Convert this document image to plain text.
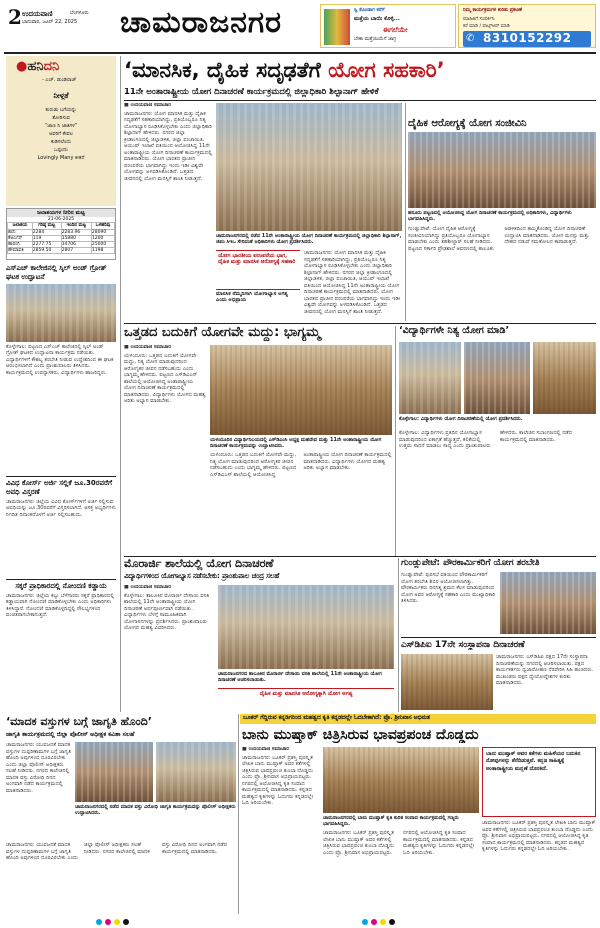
2 ಉದಯವಾಣಿ	ಬೆಂಗಳೂರು
ಭಾನುವಾರ, ಜೂನ್ 22, 2025 ಚಾಮರಾಜನಗರ	ಸ್ವಿ ಕೊಂಡಾಗ ಕರೆಗೆ
ಮತ್ತೆಯ ಬಾಯಿ ಕೊಳ್ಳಿ...
ಈಗಲೆಯೇ
ಬೇಕಾ ಮತ್ತೆಯಿಯೆಗೆ ಜಾಗ್ರ
ನಿಮ್ಮ ಕಾರ್ಯಕ್ರಮಗಳ ಕುರಿತು ಪ್ರಕಟಣೆ
ಮಾಹಿತಿಗೆ ಸಂಪರ್ಕಿಸಿ
ಕರೆ ಮಾಡಿ / ವಾಟ್ಸ್ಆಪ್ ಮಾಡಿ
✆ 8310152292
●ಹನಿದನಿ
- ಎಚ್. ಡುಂಡಿರಾಜ್
ನೀಳ್ಗತೆ
ಕುರುಡು ಬಗೆಯನ್ನು
ತೋರಿಸುವ
“ಜಾಣ ನಿ ಜಾತಿಗಳ”
ಅವರಿಗೆ ಕೇವಲ
ಕುಡಿಸಲೆಂದು
ಒಪ್ಪಂದು
Lovingly Many ಕೀತನೆ
ಜಲಾಶಯಗಳ ನೀರಿನ ಮಟ್ಟ
21-06-2025
ಜಲಾಶಯ	ಗರಿಷ್ಠ ಮಟ್ಟ	ಇಂದಿನ ಮಟ್ಟ	ಒಳಹರಿವು
ಕಬಿನಿ	2284	2283.96	28090
ಕೆಆರ್ಎಸ್	119	15880	1200
ಹಾರಂಗಿ	2277.75	14706	25000
ಹೇಮಾವತಿ	2859.50	2807	1198
ಎಸ್‌ಎಚ್ ಕಾಲೇಜಿನಲ್ಲಿ ಸ್ಕಿಲ್ ಅಂಡ್ ಗ್ರೋತ್ ಘಟಕ ಉದ್ಘಾಟನೆ
ಕೊಳ್ಳೇಗಾಲ: ಪಟ್ಟಣದ ಎಸ್‌ಎಚ್ ಕಾಲೇಜಿನಲ್ಲಿ ಸ್ಕಿಲ್ ಅಂಡ್ ಗ್ರೋತ್ ಘಟಕದ ಉದ್ಘಾಟನಾ ಕಾರ್ಯಕ್ರಮ ನಡೆಯಿತು. ವಿದ್ಯಾರ್ಥಿಗಳಿಗೆ ಕೌಶಲ್ಯ ತರಬೇತಿ ನೀಡುವ ಉದ್ದೇಶದಿಂದ ಈ ಘಟಕ ಆರಂಭಿಸಲಾಗಿದೆ ಎಂದು ಪ್ರಾಂಶುಪಾಲರು ತಿಳಿಸಿದರು. ಕಾರ್ಯಕ್ರಮದಲ್ಲಿ ಉಪನ್ಯಾಸಕರು, ವಿದ್ಯಾರ್ಥಿಗಳು ಹಾಜರಿದ್ದರು.
ವಿವಿಧ ಕೋರ್ಸ್ ಅರ್ಜಿ ಸಲ್ಲಿಕೆ ಜೂ.30ರವರೆಗೆ ಅವಧಿ ವಿಸ್ತರಣೆ
ಚಾಮರಾಜನಗರ: ಜಿಲ್ಲೆಯ ವಿವಿಧ ಕೋರ್ಸ್‌ಗಳಿಗೆ ಅರ್ಜಿ ಸಲ್ಲಿಸುವ ಅವಧಿಯನ್ನು ಜೂ.30ರವರೆಗೆ ವಿಸ್ತರಿಸಲಾಗಿದೆ. ಆಸಕ್ತ ಅಭ್ಯರ್ಥಿಗಳು ನಿಗದಿತ ದಿನಾಂಕದೊಳಗೆ ಅರ್ಜಿ ಸಲ್ಲಿಸಬಹುದು.
ಸಕ್ಕರೆ ಪ್ರಾಧಿಕಾರದಲ್ಲಿ ನೋಂದಣಿ ಕಡ್ಡಾಯ
ಚಾಮರಾಜನಗರ: ಜಿಲ್ಲೆಯ ಕಬ್ಬು ಬೆಳೆಗಾರರು ಸಕ್ಕರೆ ಪ್ರಾಧಿಕಾರದಲ್ಲಿ ಕಡ್ಡಾಯವಾಗಿ ನೋಂದಣಿ ಮಾಡಿಕೊಳ್ಳಬೇಕು ಎಂದು ಅಧಿಕಾರಿಗಳು ತಿಳಿಸಿದ್ದಾರೆ. ನೋಂದಣಿ ಮಾಡಿಕೊಳ್ಳದಿದ್ದಲ್ಲಿ ಸೌಲಭ್ಯಗಳಿಂದ ವಂಚಿತರಾಗಬೇಕಾಗುತ್ತದೆ.
‘ಮಾನಸಿಕ, ದೈಹಿಕ ಸದೃಢತೆಗೆ ಯೋಗ ಸಹಕಾರಿ’
11ನೇ ಅಂತಾರಾಷ್ಟ್ರೀಯ ಯೋಗ ದಿನಾಚರಣೆ ಕಾರ್ಯಕ್ರಮದಲ್ಲಿ ಜಿಲ್ಲಾಧಿಕಾರಿ ಶಿಲ್ಪಾನಾಗ್ ಹೇಳಿಕೆ
■ ಉದಯವಾಣಿ ಸಮಾಚಾರ
ಚಾಮರಾಜನಗರ: ಯೋಗ ಮಾನಸಿಕ ಮತ್ತು ದೈಹಿಕ ಸದೃಢತೆಗೆ ಸಹಕಾರಿಯಾಗಿದ್ದು, ಪ್ರತಿಯೊಬ್ಬರೂ ನಿತ್ಯ ಯೋಗಾಭ್ಯಾಸ ರೂಢಿಸಿಕೊಳ್ಳಬೇಕು ಎಂದು ಜಿಲ್ಲಾಧಿಕಾರಿ ಶಿಲ್ಪಾನಾಗ್ ಹೇಳಿದರು. ನಗರದ ಜಿಲ್ಲಾ ಕ್ರೀಡಾಂಗಣದಲ್ಲಿ ಜಿಲ್ಲಾಡಳಿತ, ಜಿಲ್ಲಾ ಪಂಚಾಯಿತಿ, ಆಯುಷ್ ಇಲಾಖೆ ವತಿಯಿಂದ ಆಯೋಜಿಸಿದ್ದ 11ನೇ ಅಂತಾರಾಷ್ಟ್ರೀಯ ಯೋಗ ದಿನಾಚರಣೆ ಕಾರ್ಯಕ್ರಮದಲ್ಲಿ ಮಾತನಾಡಿದರು. ಯೋಗ ಭಾರತದ ಪ್ರಾಚೀನ ಪರಂಪರೆಯ ಭಾಗವಾಗಿದ್ದು ಇಂದು ಇಡೀ ವಿಶ್ವವೇ ಯೋಗವನ್ನು ಅಳವಡಿಸಿಕೊಂಡಿದೆ. ಒತ್ತಡದ ಜೀವನದಲ್ಲಿ ಯೋಗ ಮನಸ್ಸಿಗೆ ಶಾಂತಿ ನೀಡುತ್ತದೆ.
ಚಾಮರಾಜನಗರದಲ್ಲಿ ನಡೆದ 11ನೇ ಅಂತಾರಾಷ್ಟ್ರೀಯ ಯೋಗ ದಿನಾಚರಣೆ ಕಾರ್ಯಕ್ರಮದಲ್ಲಿ ಜಿಲ್ಲಾಧಿಕಾರಿ ಶಿಲ್ಪಾನಾಗ್, ಜಿಪಂ ಸಿಇಒ ಸೇರಿದಂತೆ ಅಧಿಕಾರಿಗಳು ಯೋಗ ಪ್ರದರ್ಶಿಸಿದರು.
ಯೋಗ ಭಾರತೀಯ ಪರಂಪರೆಯ ಭಾಗ, ದೈಹಿಕ ಮತ್ತು ಮಾನಸಿಕ ಆರೋಗ್ಯಕ್ಕೆ ಸಹಕಾರಿ
ಮಾನಸಿಕ ನೆಮ್ಮದಿಗಾಗಿ ಯೋಗಾಭ್ಯಾಸ ಅಗತ್ಯ ಎಂದು ಅಭಿಪ್ರಾಯ
ಚಾಮರಾಜನಗರ: ಯೋಗ ಮಾನಸಿಕ ಮತ್ತು ದೈಹಿಕ ಸದೃಢತೆಗೆ ಸಹಕಾರಿಯಾಗಿದ್ದು, ಪ್ರತಿಯೊಬ್ಬರೂ ನಿತ್ಯ ಯೋಗಾಭ್ಯಾಸ ರೂಢಿಸಿಕೊಳ್ಳಬೇಕು ಎಂದು ಜಿಲ್ಲಾಧಿಕಾರಿ ಶಿಲ್ಪಾನಾಗ್ ಹೇಳಿದರು. ನಗರದ ಜಿಲ್ಲಾ ಕ್ರೀಡಾಂಗಣದಲ್ಲಿ ಜಿಲ್ಲಾಡಳಿತ, ಜಿಲ್ಲಾ ಪಂಚಾಯಿತಿ, ಆಯುಷ್ ಇಲಾಖೆ ವತಿಯಿಂದ ಆಯೋಜಿಸಿದ್ದ 11ನೇ ಅಂತಾರಾಷ್ಟ್ರೀಯ ಯೋಗ ದಿನಾಚರಣೆ ಕಾರ್ಯಕ್ರಮದಲ್ಲಿ ಮಾತನಾಡಿದರು. ಯೋಗ ಭಾರತದ ಪ್ರಾಚೀನ ಪರಂಪರೆಯ ಭಾಗವಾಗಿದ್ದು ಇಂದು ಇಡೀ ವಿಶ್ವವೇ ಯೋಗವನ್ನು ಅಳವಡಿಸಿಕೊಂಡಿದೆ. ಒತ್ತಡದ ಜೀವನದಲ್ಲಿ ಯೋಗ ಮನಸ್ಸಿಗೆ ಶಾಂತಿ ನೀಡುತ್ತದೆ.
ದೈಹಿಕ ಆರೋಗ್ಯಕ್ಕೆ ಯೋಗ ಸಂಜೀವಿನಿ
ಹನೂರು ಪಟ್ಟಣದಲ್ಲಿ ಆಯೋಜಿಸಿದ್ದ ಯೋಗ ದಿನಾಚರಣೆ ಕಾರ್ಯಕ್ರಮದಲ್ಲಿ ಅಧಿಕಾರಿಗಳು, ವಿದ್ಯಾರ್ಥಿಗಳು ಭಾಗವಹಿಸಿದ್ದರು.
ಗುಂಡ್ಲುಪೇಟೆ: ಯೋಗ ದೈಹಿಕ ಆರೋಗ್ಯಕ್ಕೆ ಸಂಜೀವಿನಿಯಾಗಿದ್ದು ಪ್ರತಿಯೊಬ್ಬರೂ ಯೋಗಾಭ್ಯಾಸ ಮಾಡಬೇಕು ಎಂದು ತಹಶೀಲ್ದಾರ್ ಸಲಹೆ ನೀಡಿದರು. ಪಟ್ಟಣದ ಸರ್ಕಾರಿ ಪ್ರೌಢಶಾಲೆ ಆವರಣದಲ್ಲಿ ತಾಲೂಕು ಆಡಳಿತದಿಂದ ಹಮ್ಮಿಕೊಂಡಿದ್ದ ಯೋಗ ದಿನಾಚರಣೆ ಉದ್ಘಾಟಿಸಿ ಮಾತನಾಡಿದರು. ಯೋಗ ಮನಸ್ಸು ಮತ್ತು ದೇಹದ ನಡುವೆ ಸಮತೋಲನ ಕಾಪಾಡುತ್ತದೆ.
ಒತ್ತಡದ ಬದುಕಿಗೆ ಯೋಗವೇ ಮದ್ದು: ಭಾಗ್ಯಮ್ಮ
■ ಉದಯವಾಣಿ ಸಮಾಚಾರ
ಯಳಂದೂರು: ಒತ್ತಡದ ಬದುಕಿಗೆ ಯೋಗವೇ ಮದ್ದು, ನಿತ್ಯ ಯೋಗ ಮಾಡುವುದರಿಂದ ಆರೋಗ್ಯಕರ ಜೀವನ ನಡೆಸಬಹುದು ಎಂದು ಭಾಗ್ಯಮ್ಮ ಹೇಳಿದರು. ಪಟ್ಟಣದ ಎಸ್‌ಡಿವಿಎಸ್ ಶಾಲೆಯಲ್ಲಿ ಆಯೋಜಿಸಿದ್ದ ಅಂತಾರಾಷ್ಟ್ರೀಯ ಯೋಗ ದಿನಾಚರಣೆ ಕಾರ್ಯಕ್ರಮದಲ್ಲಿ ಮಾತನಾಡಿದರು. ವಿದ್ಯಾರ್ಥಿಗಳು ಯೋಗದ ಮಹತ್ವ ಅರಿತು ಅಭ್ಯಾಸ ಮಾಡಬೇಕು.
ಯಳಂದೂರಿನ ವಿದ್ಯಾರ್ಥಿನಿಲಯದಲ್ಲಿ ಎಸ್‌ಡಿಎಂಸಿ ಅಧ್ಯಕ್ಷ ಮಹದೇವ ಮತ್ತು 11ನೇ ಅಂತಾರಾಷ್ಟ್ರೀಯ ಯೋಗ ದಿನಾಚರಣೆ ಕಾರ್ಯಕ್ರಮವನ್ನು ಉದ್ಘಾಟಿಸಿದರು.
ಯಳಂದೂರು: ಒತ್ತಡದ ಬದುಕಿಗೆ ಯೋಗವೇ ಮದ್ದು, ನಿತ್ಯ ಯೋಗ ಮಾಡುವುದರಿಂದ ಆರೋಗ್ಯಕರ ಜೀವನ ನಡೆಸಬಹುದು ಎಂದು ಭಾಗ್ಯಮ್ಮ ಹೇಳಿದರು. ಪಟ್ಟಣದ ಎಸ್‌ಡಿವಿಎಸ್ ಶಾಲೆಯಲ್ಲಿ ಆಯೋಜಿಸಿದ್ದ ಅಂತಾರಾಷ್ಟ್ರೀಯ ಯೋಗ ದಿನಾಚರಣೆ ಕಾರ್ಯಕ್ರಮದಲ್ಲಿ ಮಾತನಾಡಿದರು. ವಿದ್ಯಾರ್ಥಿಗಳು ಯೋಗದ ಮಹತ್ವ ಅರಿತು ಅಭ್ಯಾಸ ಮಾಡಬೇಕು.
‘ವಿದ್ಯಾರ್ಥಿಗಳೇ ನಿತ್ಯ ಯೋಗ ಮಾಡಿ’
ಕೊಳ್ಳೇಗಾಲ: ವಿದ್ಯಾರ್ಥಿಗಳು ಯೋಗ ದಿನಾಚರಣೆಯಲ್ಲಿ ಯೋಗ ಪ್ರದರ್ಶಿಸಿದರು.
ಕೊಳ್ಳೇಗಾಲ: ವಿದ್ಯಾರ್ಥಿಗಳು ಪ್ರತಿದಿನ ಯೋಗಾಭ್ಯಾಸ ಮಾಡುವುದರಿಂದ ಏಕಾಗ್ರತೆ ಹೆಚ್ಚುತ್ತದೆ, ಕಲಿಕೆಯಲ್ಲಿ ಉತ್ತಮ ಸಾಧನೆ ಮಾಡಲು ಸಾಧ್ಯ ಎಂದು ಪ್ರಾಂಶುಪಾಲರು ಹೇಳಿದರು. ಕಾಲೇಜಿನ ಸಭಾಂಗಣದಲ್ಲಿ ನಡೆದ ಕಾರ್ಯಕ್ರಮದಲ್ಲಿ ಮಾತನಾಡಿದರು.
ಮೊರಾರ್ಜಿ ಶಾಲೆಯಲ್ಲಿ ಯೋಗ ದಿನಾಚರಣೆ
ವಿದ್ಯಾರ್ಥಿಗಳಿಂದ ಯೋಗಾಭ್ಯಾಸ ನಡೆಸಬೇಕು: ಪ್ರಾಂಶುಪಾಲ ಚಂದ್ರ ಸಲಹೆ
■ ಉದಯವಾಣಿ ಸಮಾಚಾರ
ಕೊಳ್ಳೇಗಾಲ: ತಾಲೂಕಿನ ಮೊರಾರ್ಜಿ ದೇಸಾಯಿ ವಸತಿ ಶಾಲೆಯಲ್ಲಿ 11ನೇ ಅಂತಾರಾಷ್ಟ್ರೀಯ ಯೋಗ ದಿನಾಚರಣೆ ಅರ್ಥಪೂರ್ಣವಾಗಿ ನಡೆಯಿತು. ವಿದ್ಯಾರ್ಥಿಗಳು ಬೆಳಗ್ಗೆ ಸಾಮೂಹಿಕವಾಗಿ ಯೋಗಾಸನಗಳನ್ನು ಪ್ರದರ್ಶಿಸಿದರು. ಪ್ರಾಂಶುಪಾಲರು ಯೋಗದ ಮಹತ್ವ ವಿವರಿಸಿದರು.
ಚಾಮರಾಜನಗರದ ತಾಲೂಕಿನ ಮೊರಾರ್ಜಿ ದೇಸಾಯಿ ವಸತಿ ಶಾಲೆಯಲ್ಲಿ 11ನೇ ಅಂತಾರಾಷ್ಟ್ರೀಯ ಯೋಗ ದಿನಾಚರಣೆ ಆಚರಿಸಲಾಯಿತು.
ದೈಹಿಕ ಮತ್ತು ಮಾನಸಿಕ ಆರೋಗ್ಯಕ್ಕಾಗಿ ಯೋಗ ಅಗತ್ಯ
ಗುಂಡ್ಲುಪೇಟೆ: ಪೌರಕಾರ್ಮಿಕರಿಗೆ ಯೋಗ ತರಬೇತಿ
ಗುಂಡ್ಲುಪೇಟೆ: ಪುರಸಭೆ ವತಿಯಿಂದ ಪೌರಕಾರ್ಮಿಕರಿಗೆ ಯೋಗ ತರಬೇತಿ ಶಿಬಿರ ಆಯೋಜಿಸಲಾಗಿತ್ತು. ಪೌರಕಾರ್ಮಿಕರು ದಿನನಿತ್ಯ ಶ್ರಮದ ಕೆಲಸ ಮಾಡುವುದರಿಂದ ಯೋಗ ಅವರ ಆರೋಗ್ಯಕ್ಕೆ ಸಹಕಾರಿ ಎಂದು ಮುಖ್ಯಾಧಿಕಾರಿ ತಿಳಿಸಿದರು.
ಎಸ್‌ಡಿಪಿಐ 17ನೇ ಸಂಸ್ಥಾಪನಾ ದಿನಾಚರಣೆ
ಚಾಮರಾಜನಗರ: ಎಸ್‌ಡಿಪಿಐ ಪಕ್ಷದ 17ನೇ ಸಂಸ್ಥಾಪನಾ ದಿನಾಚರಣೆಯನ್ನು ನಗರದಲ್ಲಿ ಆಚರಿಸಲಾಯಿತು. ಪಕ್ಷದ ಕಾರ್ಯಕರ್ತರು ಧ್ವಜಾರೋಹಣ ನೆರವೇರಿಸಿ ಸಿಹಿ ಹಂಚಿದರು. ಮುಖಂಡರು ಪಕ್ಷದ ಧ್ಯೇಯೋದ್ದೇಶಗಳ ಕುರಿತು ಮಾತನಾಡಿದರು.
ಬೂಕರ್ ಗೆದ್ದಿರುವ ಕನ್ನಡಿಗರಿಂದ ಮಹತ್ವದ ಕೃತಿ ಕನ್ನಡದಲ್ಲೇ ಓದಬೇಕಾಗಿದೆ: ಪ್ರೊ. ಶ್ರೀನಿವಾಸ ಅಭಿಮತ
‘ಮಾದಕ ವಸ್ತುಗಳ ಬಗ್ಗೆ ಜಾಗೃತಿ ಹೊಂದಿ’
ಜಾಗೃತಿ ಕಾರ್ಯಕ್ರಮದಲ್ಲಿ ಜಿಲ್ಲಾ ಪೊಲೀಸ್ ಅಧೀಕ್ಷಕ ಕವಿತಾ ಸಲಹೆ
ಚಾಮರಾಜನಗರ: ಯುವಜನತೆ ಮಾದಕ ವಸ್ತುಗಳ ದುಷ್ಪರಿಣಾಮಗಳ ಬಗ್ಗೆ ಜಾಗೃತಿ ಹೊಂದಿ ಅವುಗಳಿಂದ ದೂರವಿರಬೇಕು ಎಂದು ಜಿಲ್ಲಾ ಪೊಲೀಸ್ ಅಧೀಕ್ಷಕರು ಸಲಹೆ ನೀಡಿದರು. ನಗರದ ಕಾಲೇಜಿನಲ್ಲಿ ಮಾದಕ ವಸ್ತು ವಿರೋಧಿ ದಿನದ ಅಂಗವಾಗಿ ನಡೆದ ಕಾರ್ಯಕ್ರಮದಲ್ಲಿ ಮಾತನಾಡಿದರು.
ಚಾಮರಾಜನಗರದಲ್ಲಿ ನಡೆದ ಮಾದಕ ವಸ್ತು ವಿರೋಧಿ ಜಾಗೃತಿ ಕಾರ್ಯಕ್ರಮವನ್ನು ಪೊಲೀಸ್ ಅಧೀಕ್ಷಕರು ಉದ್ಘಾಟಿಸಿದರು.
ಚಾಮರಾಜನಗರ: ಯುವಜನತೆ ಮಾದಕ ವಸ್ತುಗಳ ದುಷ್ಪರಿಣಾಮಗಳ ಬಗ್ಗೆ ಜಾಗೃತಿ ಹೊಂದಿ ಅವುಗಳಿಂದ ದೂರವಿರಬೇಕು ಎಂದು ಜಿಲ್ಲಾ ಪೊಲೀಸ್ ಅಧೀಕ್ಷಕರು ಸಲಹೆ ನೀಡಿದರು. ನಗರದ ಕಾಲೇಜಿನಲ್ಲಿ ಮಾದಕ ವಸ್ತು ವಿರೋಧಿ ದಿನದ ಅಂಗವಾಗಿ ನಡೆದ ಕಾರ್ಯಕ್ರಮದಲ್ಲಿ ಮಾತನಾಡಿದರು.
ಬಾನು ಮುಷ್ತಾಕ್ ಚಿತ್ರಿಸಿರುವ ಭಾವಪ್ರಪಂಚ ದೊಡ್ಡದು
■ ಉದಯವಾಣಿ ಸಮಾಚಾರ
ಚಾಮರಾಜನಗರ: ಬೂಕರ್ ಪ್ರಶಸ್ತಿ ಪುರಸ್ಕೃತ ಲೇಖಕಿ ಬಾನು ಮುಷ್ತಾಕ್ ಅವರ ಕತೆಗಳಲ್ಲಿ ಚಿತ್ರಿಸಿರುವ ಭಾವಪ್ರಪಂಚ ತುಂಬಾ ದೊಡ್ಡದು ಎಂದು ಪ್ರೊ. ಶ್ರೀನಿವಾಸ ಅಭಿಪ್ರಾಯಪಟ್ಟರು. ನಗರದಲ್ಲಿ ಆಯೋಜಿಸಿದ್ದ ಕೃತಿ ಸಂವಾದ ಕಾರ್ಯಕ್ರಮದಲ್ಲಿ ಮಾತನಾಡಿದರು. ಕನ್ನಡದ ಮಹತ್ವದ ಕೃತಿಗಳನ್ನು ಓದುಗರು ಕನ್ನಡದಲ್ಲೇ ಓದಿ ಅರಿಯಬೇಕು.
ಚಾಮರಾಜನಗರದಲ್ಲಿ ಬಾನು ಮುಷ್ತಾಕ್ ಕೃತಿ ಕುರಿತ ಸಂವಾದ ಕಾರ್ಯಕ್ರಮದಲ್ಲಿ ಗಣ್ಯರು ಭಾಗವಹಿಸಿದ್ದರು.
ಚಾಮರಾಜನಗರ: ಬೂಕರ್ ಪ್ರಶಸ್ತಿ ಪುರಸ್ಕೃತ ಲೇಖಕಿ ಬಾನು ಮುಷ್ತಾಕ್ ಅವರ ಕತೆಗಳಲ್ಲಿ ಚಿತ್ರಿಸಿರುವ ಭಾವಪ್ರಪಂಚ ತುಂಬಾ ದೊಡ್ಡದು ಎಂದು ಪ್ರೊ. ಶ್ರೀನಿವಾಸ ಅಭಿಪ್ರಾಯಪಟ್ಟರು. ನಗರದಲ್ಲಿ ಆಯೋಜಿಸಿದ್ದ ಕೃತಿ ಸಂವಾದ ಕಾರ್ಯಕ್ರಮದಲ್ಲಿ ಮಾತನಾಡಿದರು. ಕನ್ನಡದ ಮಹತ್ವದ ಕೃತಿಗಳನ್ನು ಓದುಗರು ಕನ್ನಡದಲ್ಲೇ ಓದಿ ಅರಿಯಬೇಕು.
ಬಾನು ಮುಷ್ತಾಕ್ ಅವರ ಕತೆಗಳು ಮಹಿಳೆಯರ ಬದುಕಿನ ನೋವುಗಳನ್ನು ತೆರೆದಿಡುತ್ತವೆ. ಕನ್ನಡ ಸಾಹಿತ್ಯಕ್ಕೆ ಅಂತಾರಾಷ್ಟ್ರೀಯ ಮನ್ನಣೆ ದೊರಕಿದೆ.
ಚಾಮರಾಜನಗರ: ಬೂಕರ್ ಪ್ರಶಸ್ತಿ ಪುರಸ್ಕೃತ ಲೇಖಕಿ ಬಾನು ಮುಷ್ತಾಕ್ ಅವರ ಕತೆಗಳಲ್ಲಿ ಚಿತ್ರಿಸಿರುವ ಭಾವಪ್ರಪಂಚ ತುಂಬಾ ದೊಡ್ಡದು ಎಂದು ಪ್ರೊ. ಶ್ರೀನಿವಾಸ ಅಭಿಪ್ರಾಯಪಟ್ಟರು. ನಗರದಲ್ಲಿ ಆಯೋಜಿಸಿದ್ದ ಕೃತಿ ಸಂವಾದ ಕಾರ್ಯಕ್ರಮದಲ್ಲಿ ಮಾತನಾಡಿದರು. ಕನ್ನಡದ ಮಹತ್ವದ ಕೃತಿಗಳನ್ನು ಓದುಗರು ಕನ್ನಡದಲ್ಲೇ ಓದಿ ಅರಿಯಬೇಕು.
